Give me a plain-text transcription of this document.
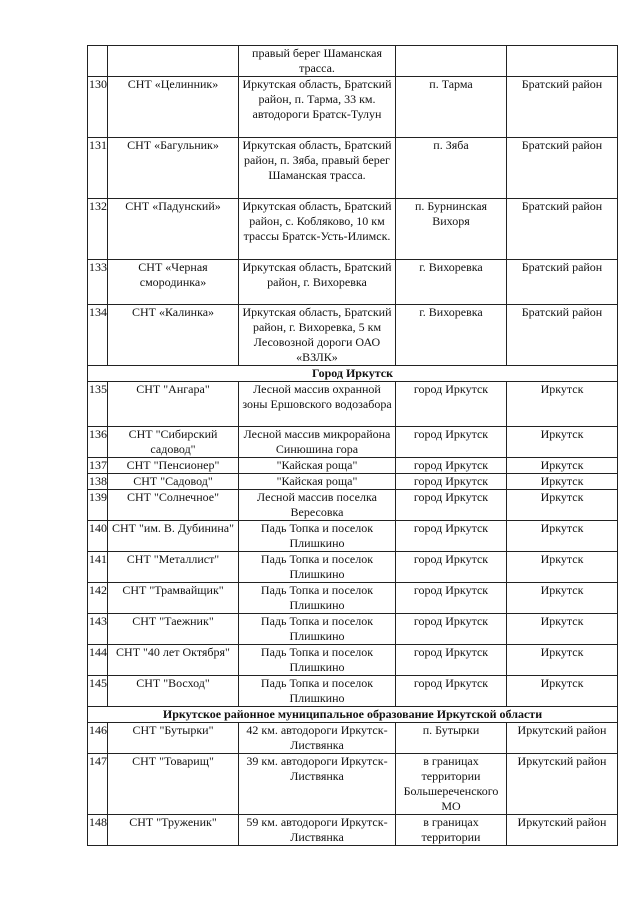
		правый берег Шаманская трасса.		
130	СНТ «Целинник»	Иркутская область, Братский район, п. Тарма, 33 км. автодороги Братск-Тулун	п. Тарма	Братский район
131	СНТ «Багульник»	Иркутская область, Братский район, п. Зяба, правый берег Шаманская трасса.	п. Зяба	Братский район
132	СНТ «Падунский»	Иркутская область, Братский район, с. Кобляково, 10 км трассы Братск-Усть-Илимск.	п. Бурнинская Вихоря	Братский район
133	СНТ «Черная смородинка»	Иркутская область, Братский район, г. Вихоревка	г. Вихоревка	Братский район
134	СНТ «Калинка»	Иркутская область, Братский район, г. Вихоревка, 5 км Лесовозной дороги ОАО «ВЗЛК»	г. Вихоревка	Братский район
Город Иркутск				
135	СНТ "Ангара"	Лесной массив охранной зоны Ершовского водозабора	город Иркутск	Иркутск
136	СНТ "Сибирский садовод"	Лесной массив микрорайона Синюшина гора	город Иркутск	Иркутск
137	СНТ "Пенсионер"	"Кайская роща"	город Иркутск	Иркутск
138	СНТ "Садовод"	"Кайская роща"	город Иркутск	Иркутск
139	СНТ "Солнечное"	Лесной массив поселка Вересовка	город Иркутск	Иркутск
140	СНТ "им. В. Дубинина"	Падь Топка и поселок Плишкино	город Иркутск	Иркутск
141	СНТ "Металлист"	Падь Топка и поселок Плишкино	город Иркутск	Иркутск
142	СНТ "Трамвайщик"	Падь Топка и поселок Плишкино	город Иркутск	Иркутск
143	СНТ "Таежник"	Падь Топка и поселок Плишкино	город Иркутск	Иркутск
144	СНТ "40 лет Октября"	Падь Топка и поселок Плишкино	город Иркутск	Иркутск
145	СНТ "Восход"	Падь Топка и поселок Плишкино	город Иркутск	Иркутск
Иркутское районное муниципальное образование Иркутской области				
146	СНТ "Бутырки"	42 км. автодороги Иркутск-Листвянка	п. Бутырки	Иркутский район
147	СНТ "Товарищ"	39 км. автодороги Иркутск-Листвянка	в границах территории Большереченского МО	Иркутский район
148	СНТ "Труженик"	59 км. автодороги Иркутск-Листвянка	в границах территории	Иркутский район
